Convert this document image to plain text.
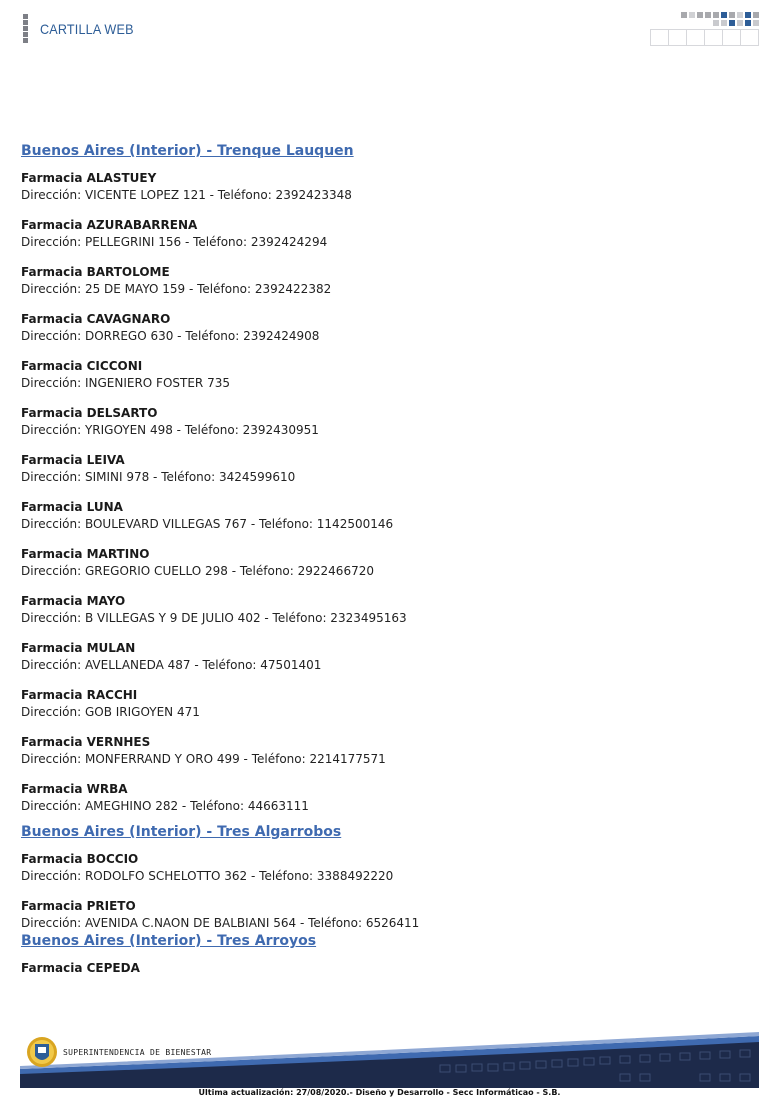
CARTILLA WEB
Buenos Aires (Interior) - Trenque Lauquen
Farmacia ALASTUEY
Dirección: VICENTE LOPEZ 121 - Teléfono: 2392423348
Farmacia AZURABARRENA
Dirección: PELLEGRINI 156 - Teléfono: 2392424294
Farmacia BARTOLOME
Dirección: 25 DE MAYO 159 - Teléfono: 2392422382
Farmacia CAVAGNARO
Dirección: DORREGO 630 - Teléfono: 2392424908
Farmacia CICCONI
Dirección: INGENIERO FOSTER 735
Farmacia DELSARTO
Dirección: YRIGOYEN 498 - Teléfono: 2392430951
Farmacia LEIVA
Dirección: SIMINI 978 - Teléfono: 3424599610
Farmacia LUNA
Dirección: BOULEVARD VILLEGAS 767 - Teléfono: 1142500146
Farmacia MARTINO
Dirección: GREGORIO CUELLO 298 - Teléfono: 2922466720
Farmacia MAYO
Dirección: B VILLEGAS Y 9 DE JULIO 402 - Teléfono: 2323495163
Farmacia MULAN
Dirección: AVELLANEDA 487 - Teléfono: 47501401
Farmacia RACCHI
Dirección: GOB IRIGOYEN 471
Farmacia VERNHES
Dirección: MONFERRAND Y ORO 499 - Teléfono: 2214177571
Farmacia WRBA
Dirección: AMEGHINO 282 - Teléfono: 44663111
Buenos Aires (Interior) - Tres Algarrobos
Farmacia BOCCIO
Dirección: RODOLFO SCHELOTTO 362 - Teléfono: 3388492220
Farmacia PRIETO
Dirección: AVENIDA C.NAON DE BALBIANI 564 - Teléfono: 6526411
Buenos Aires (Interior) - Tres Arroyos
Farmacia CEPEDA
SUPERINTENDENCIA DE BIENESTAR
Ultima actualización: 27/08/2020.- Diseño y Desarrollo - Secc Informáticao - S.B.
